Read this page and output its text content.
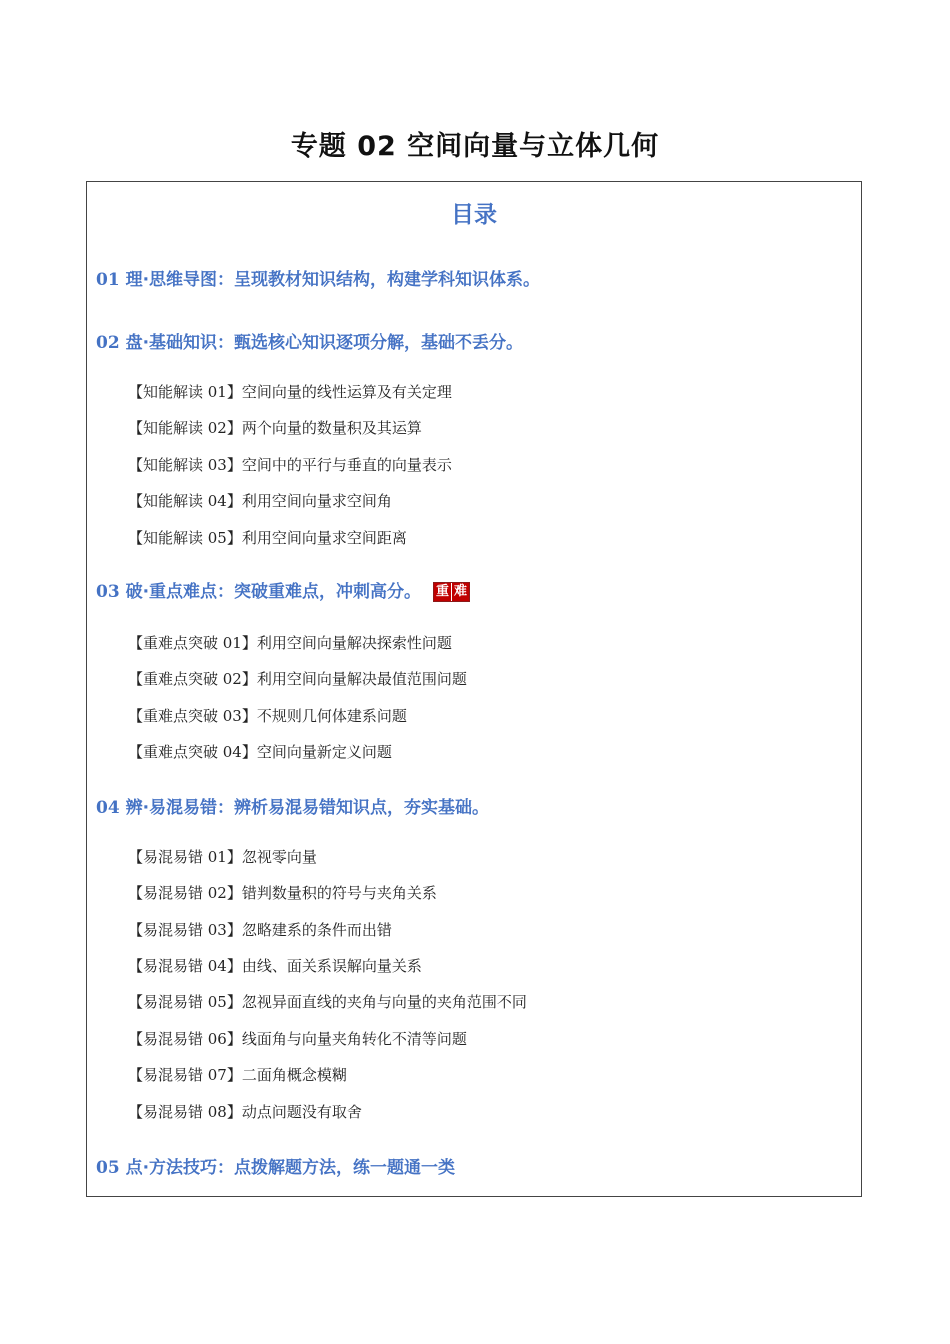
专题 02 空间向量与立体几何
目录
01 理·思维导图：呈现教材知识结构，构建学科知识体系。
02 盘·基础知识：甄选核心知识逐项分解，基础不丢分。
【知能解读 01】空间向量的线性运算及有关定理
【知能解读 02】两个向量的数量积及其运算
【知能解读 03】空间中的平行与垂直的向量表示
【知能解读 04】利用空间向量求空间角
【知能解读 05】利用空间向量求空间距离
03 破·重点难点：突破重难点，冲刺高分。 重 难
【重难点突破 01】利用空间向量解决探索性问题
【重难点突破 02】利用空间向量解决最值范围问题
【重难点突破 03】不规则几何体建系问题
【重难点突破 04】空间向量新定义问题
04 辨·易混易错：辨析易混易错知识点，夯实基础。
【易混易错 01】忽视零向量
【易混易错 02】错判数量积的符号与夹角关系
【易混易错 03】忽略建系的条件而出错
【易混易错 04】由线、面关系误解向量关系
【易混易错 05】忽视异面直线的夹角与向量的夹角范围不同
【易混易错 06】线面角与向量夹角转化不清等问题
【易混易错 07】二面角概念模糊
【易混易错 08】动点问题没有取舍
05 点·方法技巧：点拨解题方法，练一题通一类
